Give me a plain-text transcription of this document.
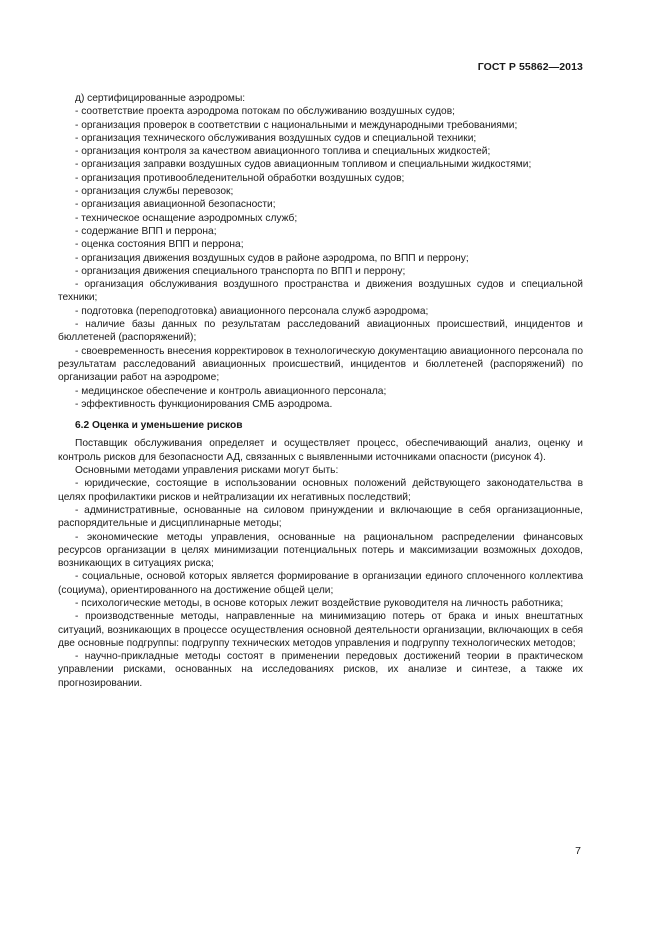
ГОСТ Р 55862—2013

д) сертифицированные аэродромы:

- соответствие проекта аэродрома потокам по обслуживанию воздушных судов;

- организация проверок в соответствии с национальными и международными требованиями;

- организация технического обслуживания воздушных судов и специальной техники;

- организация контроля за качеством авиационного топлива и специальных жидкостей;

- организация заправки воздушных судов авиационным топливом и специальными жидкостями;

- организация противообледенительной обработки воздушных судов;

- организация службы перевозок;

- организация авиационной безопасности;

- техническое оснащение аэродромных служб;

- содержание ВПП и перрона;

- оценка состояния ВПП и перрона;

- организация движения воздушных судов в районе аэродрома, по ВПП и перрону;

- организация движения специального транспорта по ВПП и перрону;

- организация обслуживания воздушного пространства и движения воздушных судов и специальной техники;

- подготовка (переподготовка) авиационного персонала служб аэродрома;

- наличие базы данных по результатам расследований авиационных происшествий, инцидентов и бюллетеней (распоряжений);

- своевременность внесения корректировок в технологическую документацию авиационного персонала по результатам расследований авиационных происшествий, инцидентов и бюллетеней (распоряжений) по организации работ на аэродроме;

- медицинское обеспечение и контроль авиационного персонала;

- эффективность функционирования СМБ аэродрома.

6.2 Оценка и уменьшение рисков

Поставщик обслуживания определяет и осуществляет процесс, обеспечивающий анализ, оценку и контроль рисков для безопасности АД, связанных с выявленными источниками опасности (рисунок 4).

Основными методами управления рисками могут быть:

- юридические, состоящие в использовании основных положений действующего законодательства в целях профилактики рисков и нейтрализации их негативных последствий;

- административные, основанные на силовом принуждении и включающие в себя организационные, распорядительные и дисциплинарные методы;

- экономические методы управления, основанные на рациональном распределении финансовых ресурсов организации в целях минимизации потенциальных потерь и максимизации возможных доходов, возникающих в ситуациях риска;

- социальные, основой которых является формирование в организации единого сплоченного коллектива (социума), ориентированного на достижение общей цели;

- психологические методы, в основе которых лежит воздействие руководителя на личность работника;

- производственные методы, направленные на минимизацию потерь от брака и иных внештатных ситуаций, возникающих в процессе осуществления основной деятельности организации, включающих в себя две основные подгруппы: подгруппу технических методов управления и подгруппу технологических методов;

- научно-прикладные методы состоят в применении передовых достижений теории в практическом управлении рисками, основанных на исследованиях рисков, их анализе и синтезе, а также их прогнозировании.

7
